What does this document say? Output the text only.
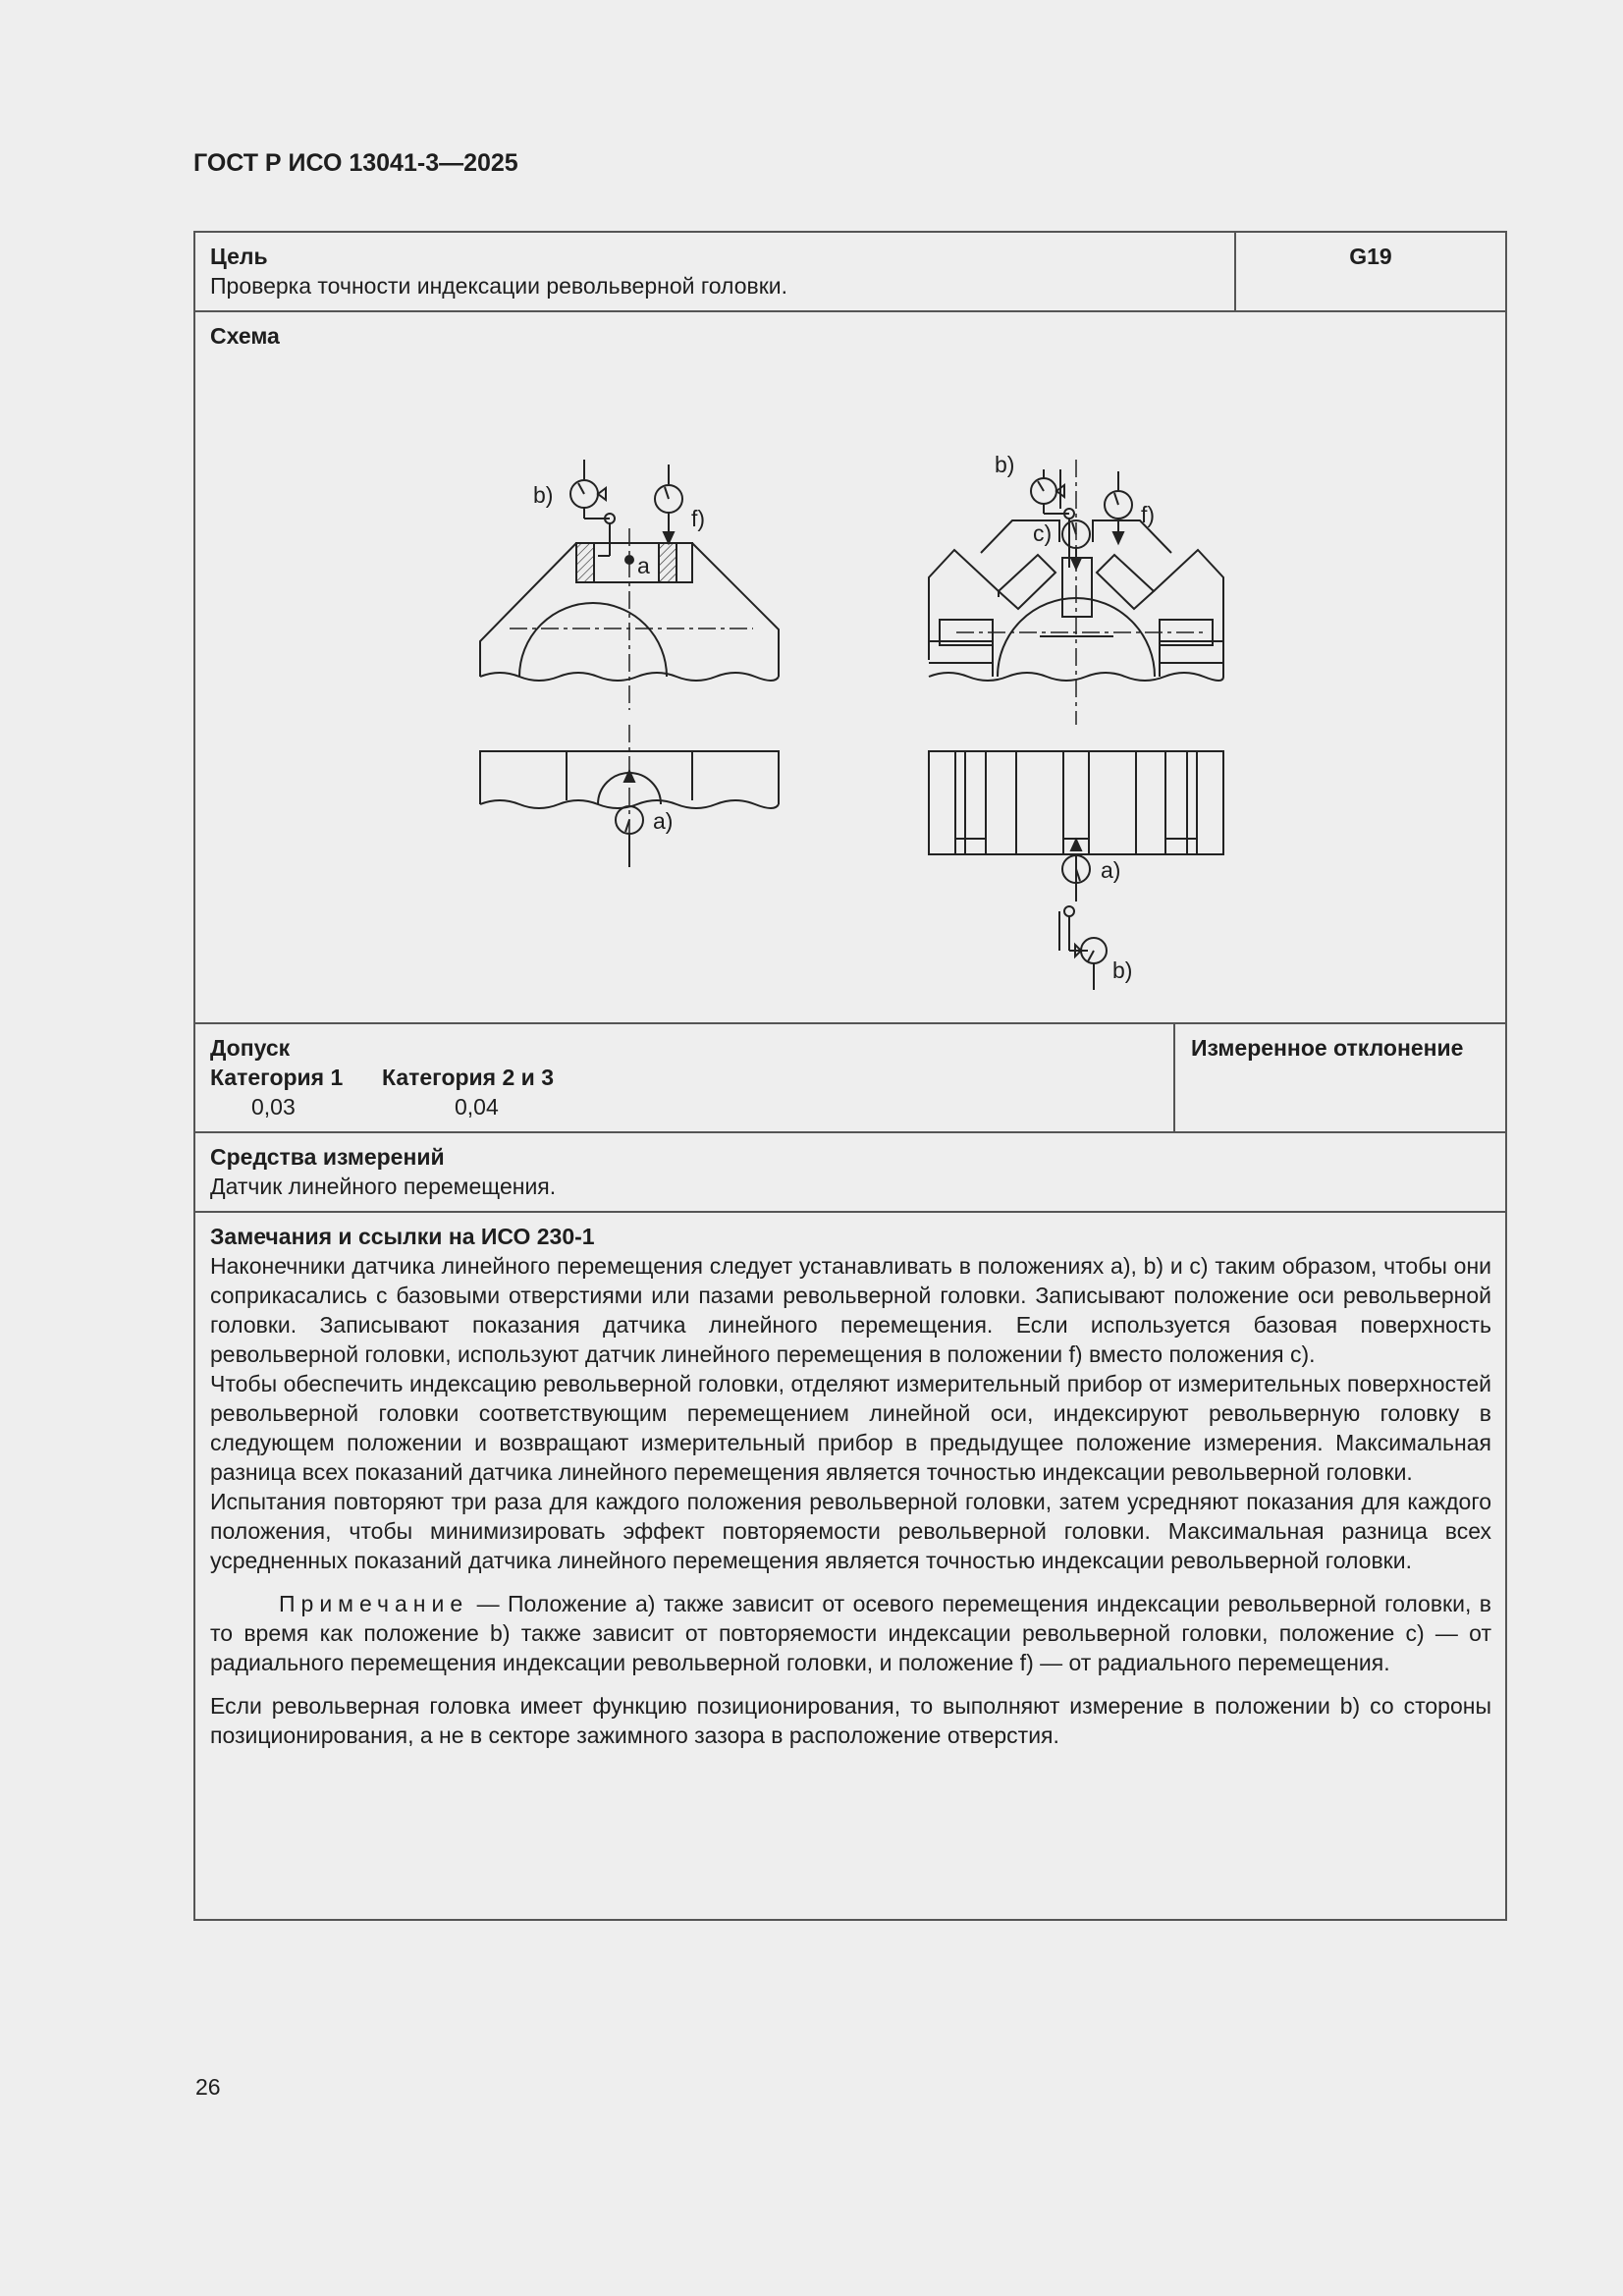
ГОСТ Р ИСО 13041-3—2025
Цель
Проверка точности индексации револьверной головки.
G19
Схема
b)
f)
a
a)
b)
c)
f)
a)
b)
Допуск
Категория 1 Категория 2 и 3
0,03	0,04
Измеренное отклонение
Средства измерений
Датчик линейного перемещения.
Замечания и ссылки на ИСО 230-1

Наконечники датчика линейного перемещения следует устанавливать в положениях a), b) и c) таким образом, чтобы они соприкасались с базовыми отверстиями или пазами револьверной головки. Записывают положение оси револьверной головки. Записывают показания датчика линейного перемещения. Если используется базовая поверхность револьверной головки, используют датчик линейного перемещения в положении f) вместо положения c).

Чтобы обеспечить индексацию револьверной головки, отделяют измерительный прибор от измерительных поверхностей револьверной головки соответствующим перемещением линейной оси, индексируют револьверную головку в следующем положении и возвращают измерительный прибор в предыдущее положение измерения. Максимальная разница всех показаний датчика линейного перемещения является точностью индексации револьверной головки.

Испытания повторяют три раза для каждого положения револьверной головки, затем усредняют показания для каждого положения, чтобы минимизировать эффект повторяемости револьверной головки. Максимальная разница всех усредненных показаний датчика линейного перемещения является точностью индексации револьверной головки.

Примечание — Положение a) также зависит от осевого перемещения индексации револьверной головки, в то время как положение b) также зависит от повторяемости индексации револьверной головки, положение c) — от радиального перемещения индексации револьверной головки, и положение f) — от радиального перемещения.

Если револьверная головка имеет функцию позиционирования, то выполняют измерение в положении b) со стороны позиционирования, а не в секторе зажимного зазора в расположение отверстия.

26
